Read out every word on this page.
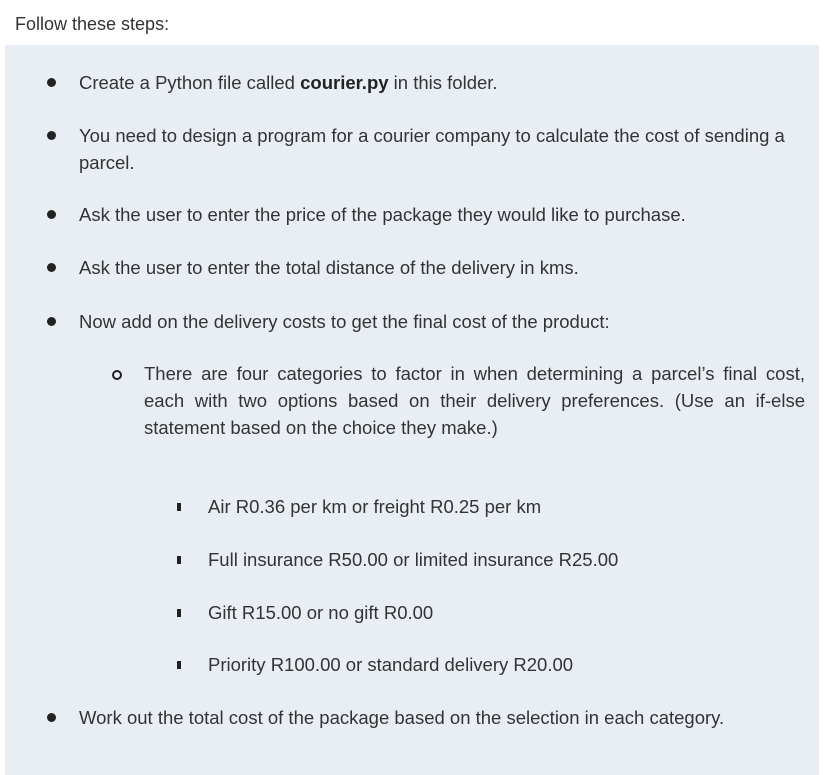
Follow these steps:
Create a Python file called courier.py in this folder.
You need to design a program for a courier company to calculate the cost of sending a parcel.
Ask the user to enter the price of the package they would like to purchase.
Ask the user to enter the total distance of the delivery in kms.
Now add on the delivery costs to get the final cost of the product:
There are four categories to factor in when determining a parcel’s final cost, each with two options based on their delivery preferences. (Use an if-else statement based on the choice they make.)
Air R0.36 per km or freight R0.25 per km
Full insurance R50.00 or limited insurance R25.00
Gift R15.00 or no gift R0.00
Priority R100.00 or standard delivery R20.00
Work out the total cost of the package based on the selection in each category.
